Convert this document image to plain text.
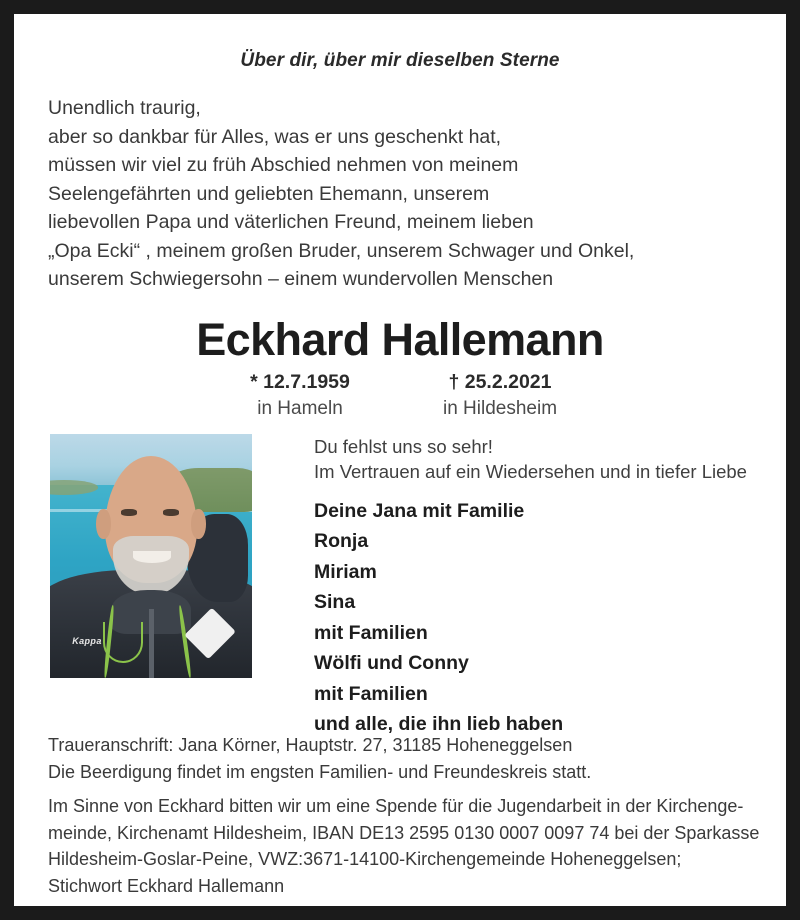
Über dir, über mir dieselben Sterne
Unendlich traurig,
aber so dankbar für Alles, was er uns geschenkt hat,
müssen wir viel zu früh Abschied nehmen von meinem
Seelengefährten und geliebten Ehemann, unserem
liebevollen Papa und väterlichen Freund, meinem lieben
„Opa Ecki“ , meinem großen Bruder, unserem Schwager und Onkel,
unserem Schwiegersohn – einem wundervollen Menschen
Eckhard Hallemann
* 12.7.1959
in Hameln
† 25.2.2021
in Hildesheim
Kappa
Du fehlst uns so sehr!
Im Vertrauen auf ein Wiedersehen und in tiefer Liebe
Deine Jana mit Familie
Ronja
Miriam
Sina
mit Familien
Wölfi und Conny
mit Familien
und alle, die ihn lieb haben
Traueranschrift: Jana Körner, Hauptstr. 27, 31185 Hoheneggelsen
Die Beerdigung findet im engsten Familien- und Freundeskreis statt.
Im Sinne von Eckhard bitten wir um eine Spende für die Jugendarbeit in der Kirchenge-
meinde, Kirchenamt Hildesheim, IBAN DE13 2595 0130 0007 0097 74 bei der Sparkasse
Hildesheim-Goslar-Peine, VWZ:3671-14100-Kirchengemeinde Hoheneggelsen;
Stichwort Eckhard Hallemann
